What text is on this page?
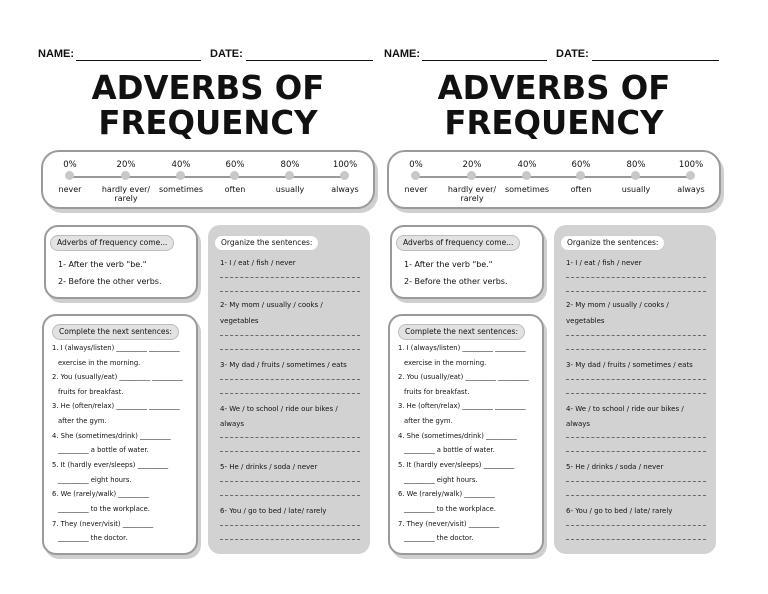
NAME:	DATE:
ADVERBS OF
FREQUENCY
0%
never
20%
hardly ever/ rarely
40%
sometimes
60%
often
80%
usually
100%
always
Adverbs of frequency come...
1- After the verb "be."
2- Before the other verbs.
Complete the next sentences:
1. I (always/listen) _________ _________
exercise in the morning.
2. You (usually/eat) _________ _________
fruits for breakfast.
3. He (often/relax) _________ _________
after the gym.
4. She (sometimes/drink) _________
_________ a bottle of water.
5. It (hardly ever/sleeps) _________
_________ eight hours.
6. We (rarely/walk) _________
_________ to the workplace.
7. They (never/visit) _________
_________ the doctor.
Organize the sentences:
1- I / eat / fish / never
2- My mom / usually / cooks /
vegetables
3- My dad / fruits / sometimes / eats
4- We / to school / ride our bikes /
always
5- He / drinks / soda / never
6- You / go to bed / late/ rarely
NAME:	DATE:
ADVERBS OF
FREQUENCY
0%
never
20%
hardly ever/ rarely
40%
sometimes
60%
often
80%
usually
100%
always
Adverbs of frequency come...
1- After the verb "be."
2- Before the other verbs.
Complete the next sentences:
1. I (always/listen) _________ _________
exercise in the morning.
2. You (usually/eat) _________ _________
fruits for breakfast.
3. He (often/relax) _________ _________
after the gym.
4. She (sometimes/drink) _________
_________ a bottle of water.
5. It (hardly ever/sleeps) _________
_________ eight hours.
6. We (rarely/walk) _________
_________ to the workplace.
7. They (never/visit) _________
_________ the doctor.
Organize the sentences:
1- I / eat / fish / never
2- My mom / usually / cooks /
vegetables
3- My dad / fruits / sometimes / eats
4- We / to school / ride our bikes /
always
5- He / drinks / soda / never
6- You / go to bed / late/ rarely
